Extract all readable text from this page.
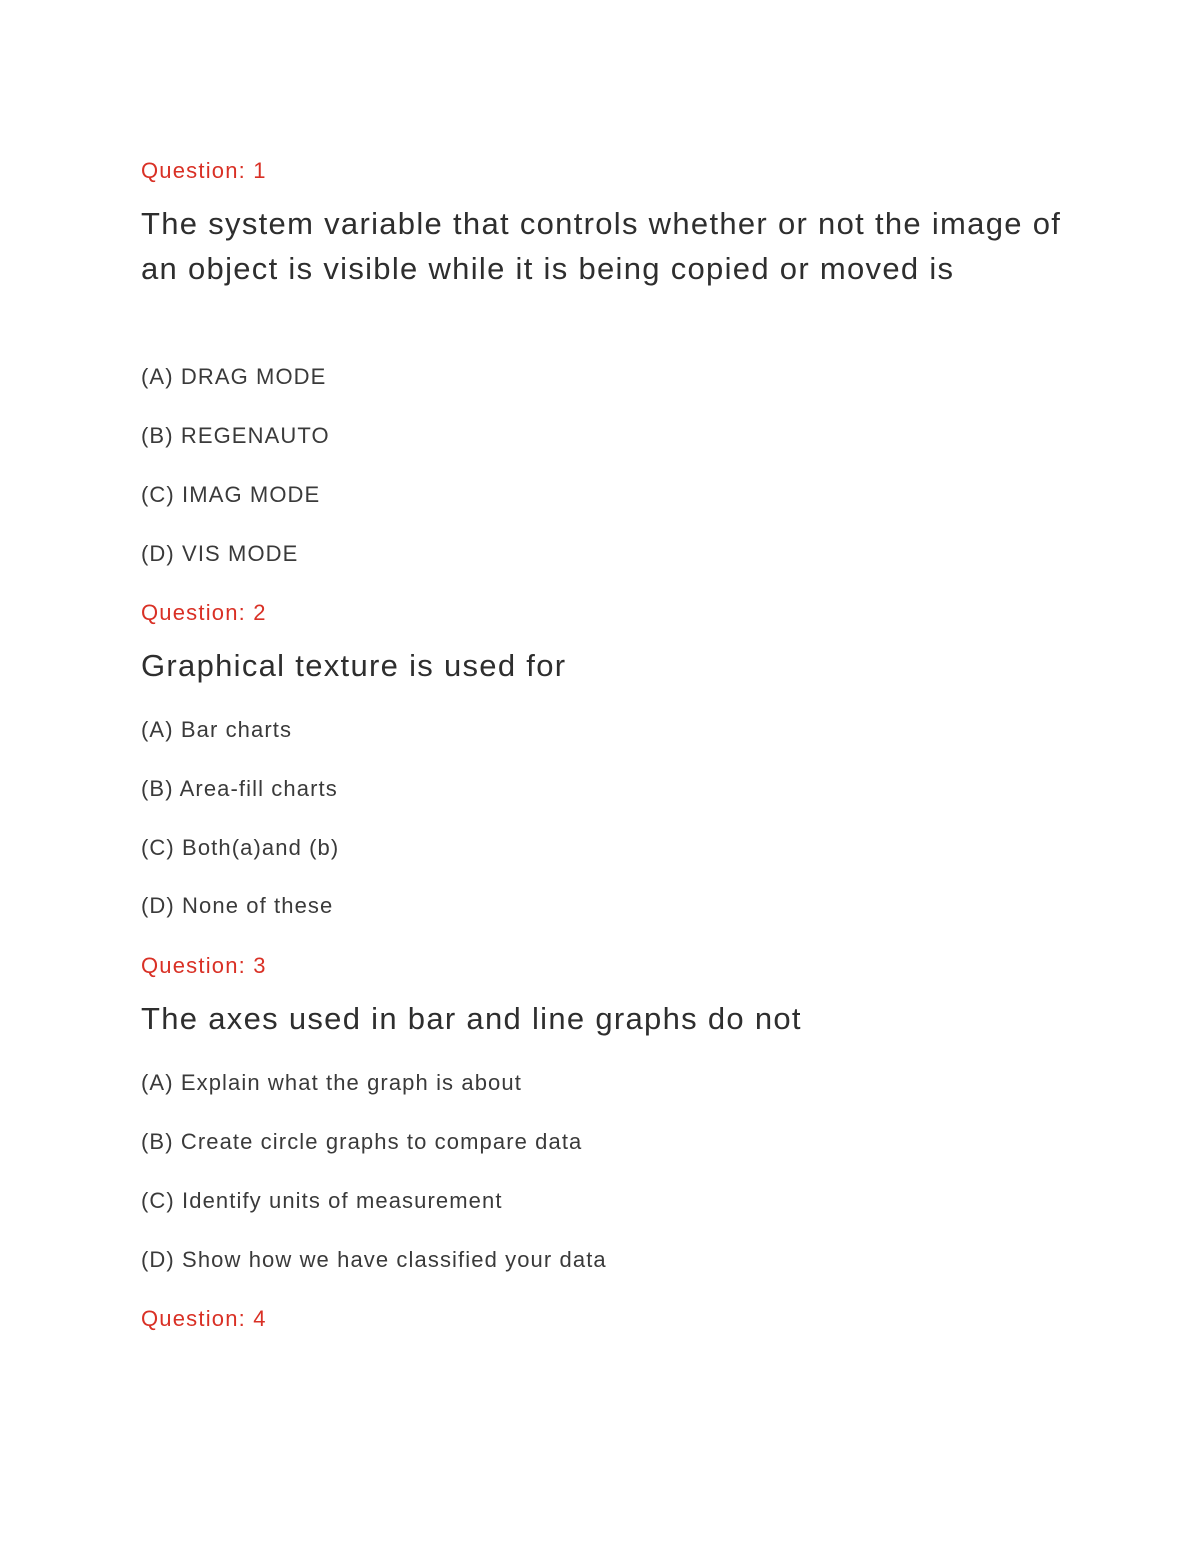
Question: 1
The system variable that controls whether or not the image of an object is visible while it is being copied or moved is
(A) DRAG MODE
(B) REGENAUTO
(C) IMAG MODE
(D) VIS MODE
Question: 2
Graphical texture is used for
(A) Bar charts
(B) Area-fill charts
(C) Both(a)and (b)
(D) None of these
Question: 3
The axes used in bar and line graphs do not
(A) Explain what the graph is about
(B) Create circle graphs to compare data
(C) Identify units of measurement
(D) Show how we have classified your data
Question: 4
